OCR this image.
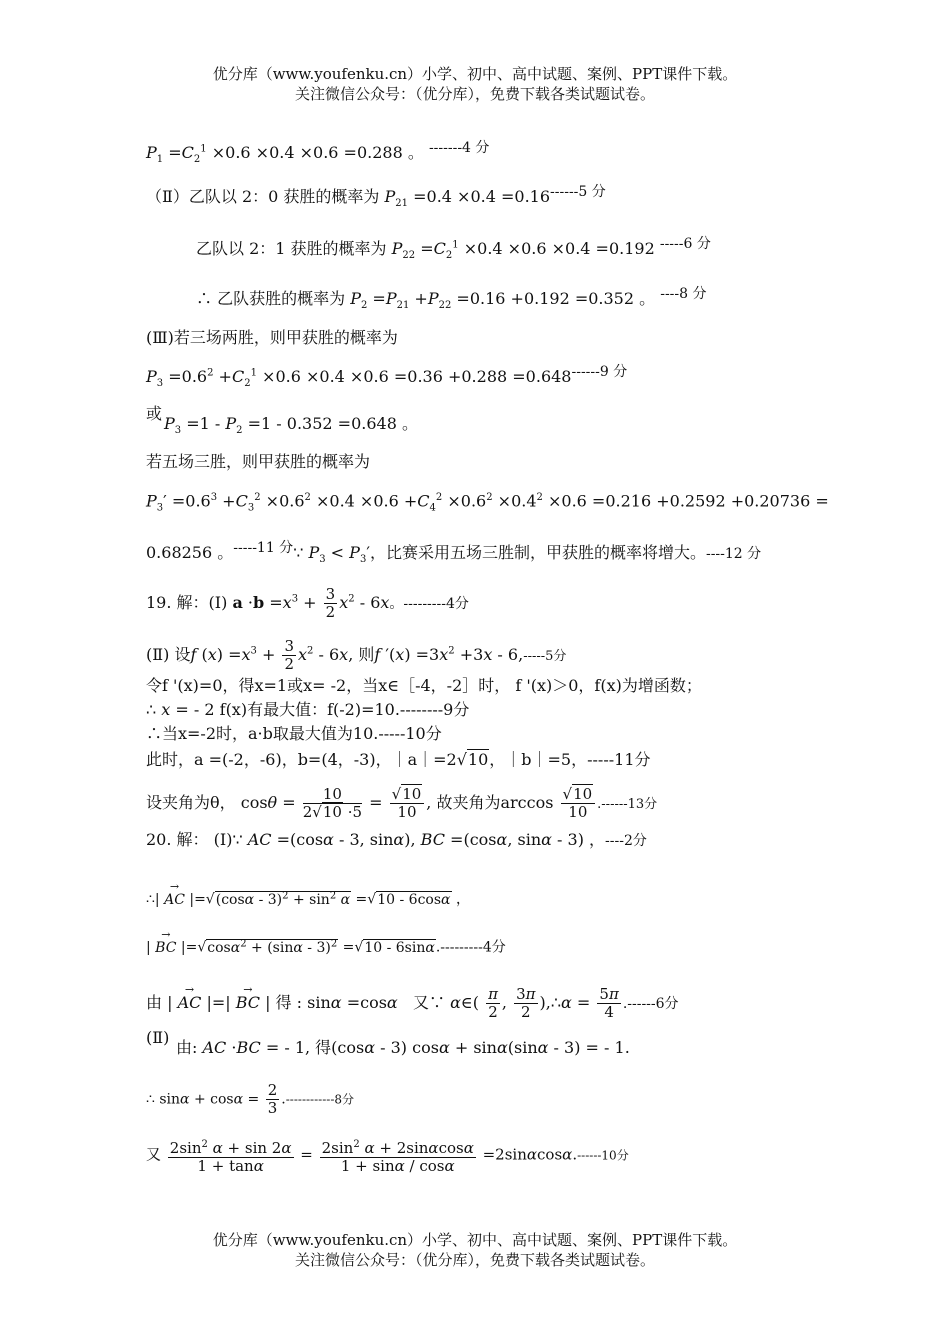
优分库（www.youfenku.cn）小学、初中、高中试题、案例、PPT课件下载。
关注微信公众号：（优分库），免费下载各类试题试卷。
$P_1 =C_2^1 \times 0.6 \times 0.4 \times 0.6 =0.288$ 。 -------4 分
（Ⅱ）乙队以 2：0 获胜的概率为 $P_{21} =0.4 \times 0.4 =0.16------5$ 分
乙队以 2：1 获胜的概率为 $P_{22} =C_2^1 \times 0.4 \times 0.6 \times 0.4 =0.192$ -----6 分
∴ 乙队获胜的概率为 $P_2 =P_{21} +P_{22} =0.16 +0.192 =0.352$ 。 ----8 分
(Ⅲ)若三场两胜，则甲获胜的概率为
$P_3 =0.6^2 +C_2^1 \times 0.6 \times 0.4 \times 0.6 =0.36 +0.288 =0.648------9$ 分
或
$P_3 =1 - P_2 =1 - 0.352 =0.648$ 。
若五场三胜，则甲获胜的概率为
$P_3' =0.6^3 +C_3^2 \times 0.6^2 \times 0.4 \times 0.6 +C_4^2 \times 0.6^2 \times 0.4^2 \times 0.6 =0.216 +0.2592 +0.20736$ =
0.68256 。-----11 分∵ $P_3 < P_3'$，比赛采用五场三胜制，甲获胜的概率将增大。----12 分
19. 解：(Ⅰ) $a \cdot b =x^3 + \frac{3}{2} x^2 - 6x$。---------4分
(Ⅱ) 设f $(x) =x^3 + \frac{3}{2} x^2 - 6x$, 则f $'(x) =3x^2 +3x - 6,-----5$分
令f '(x)=0，得x=1或x= -2，当x∈［-4，-2］时， f '(x)＞0，f(x)为增函数；
∴ x = - 2 f(x)有最大值：f(-2)=10.--------9分
∴当x=-2时，a·b取最大值为10.-----10分
此时，a =(-2，-6)，b=(4，-3)，｜a｜=2√10，｜b｜=5，-----11分
设夹角为θ， $\cos\theta = \frac{10}{2√10 \cdot 5} = \frac{√10}{10}$ , 故夹角为$\arccos \frac{√10}{10} .------13$分
20. 解： (I)∵ AC =(cosα - 3, sinα), BC =(cosα, sinα - 3) ，----2分
∴| → AC $|=√(\cos\alpha - 3)^2 + \sin^2 \alpha =√10 - 6\cos\alpha$ ，
| → BC |=√cosα$^2$ + (sinα - 3)$^2$ =√10 - 6sinα.---------4分
由 | → AC |=| → BC | 得 : sinα =cosα   又∵ α∈( $\frac{\pi}{2}$ , $\frac{3\pi}{2}$ ),∴α = $\frac{5\pi}{4} .------6$分
(Ⅱ)
由: AC ·BC = - 1, 得(cosα - 3) cosα + sinα(sinα - 3) = - 1.
∴ $\sin\alpha + \cos\alpha = \frac{2}{3} .------------8$分
又 $\frac{2\sin^2 \alpha + \sin 2\alpha}{1 + \tan\alpha} = \frac{2\sin^2 \alpha + 2\sin\alpha\cos\alpha}{1 + \sin\alpha / \cos\alpha} =2\sin\alpha\cos\alpha.------10$分
优分库（www.youfenku.cn）小学、初中、高中试题、案例、PPT课件下载。
关注微信公众号：（优分库），免费下载各类试题试卷。
